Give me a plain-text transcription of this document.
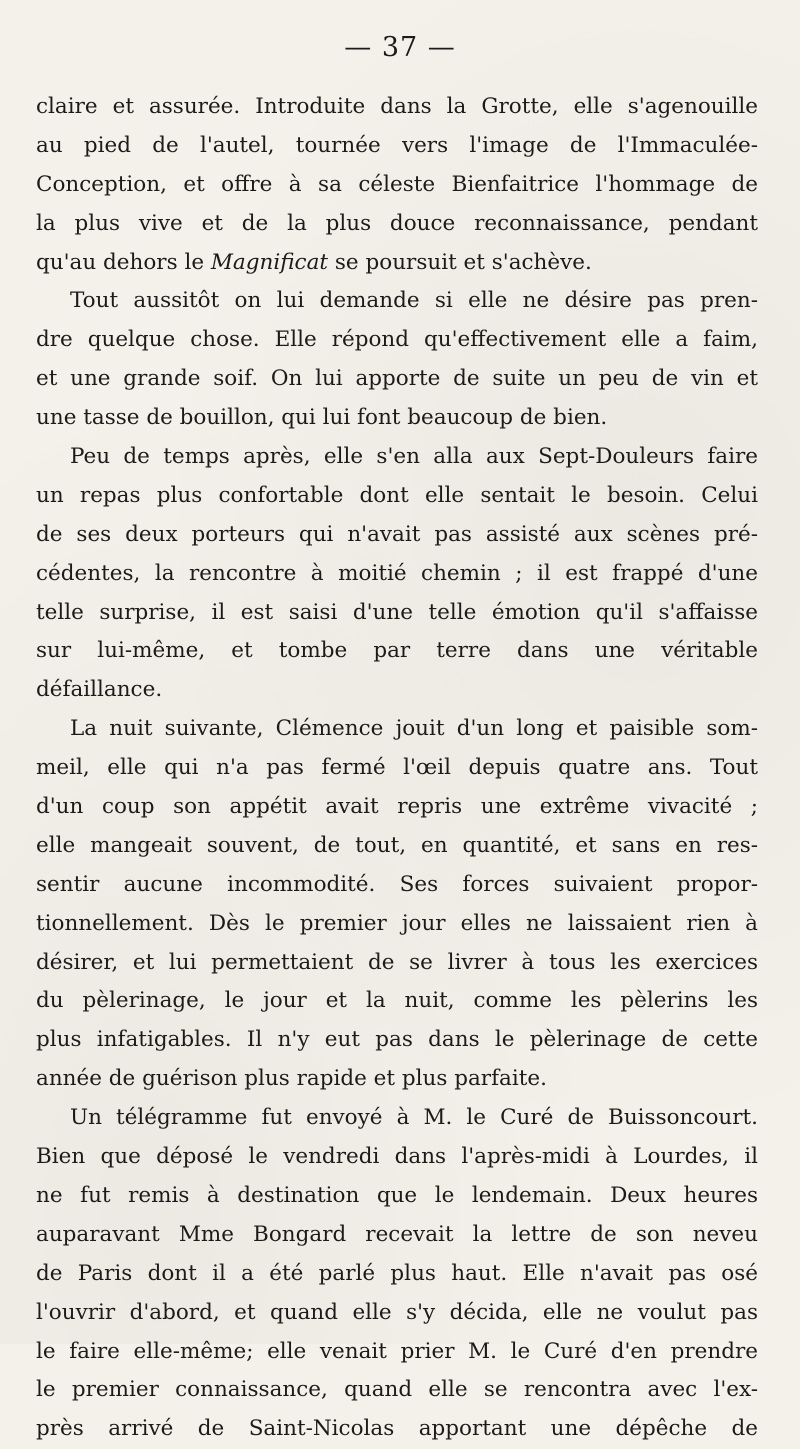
— 37 —
claire et assurée. Introduite dans la Grotte, elle s'agenouille
au pied de l'autel, tournée vers l'image de l'Immaculée-
Conception, et offre à sa céleste Bienfaitrice l'hommage de
la plus vive et de la plus douce reconnaissance, pendant
qu'au dehors le Magnificat se poursuit et s'achève.
Tout aussitôt on lui demande si elle ne désire pas pren-
dre quelque chose. Elle répond qu'effectivement elle a faim,
et une grande soif. On lui apporte de suite un peu de vin et
une tasse de bouillon, qui lui font beaucoup de bien.
Peu de temps après, elle s'en alla aux Sept-Douleurs faire
un repas plus confortable dont elle sentait le besoin. Celui
de ses deux porteurs qui n'avait pas assisté aux scènes pré-
cédentes, la rencontre à moitié chemin ; il est frappé d'une
telle surprise, il est saisi d'une telle émotion qu'il s'affaisse
sur lui-même, et tombe par terre dans une véritable
défaillance.
La nuit suivante, Clémence jouit d'un long et paisible som-
meil, elle qui n'a pas fermé l'œil depuis quatre ans. Tout
d'un coup son appétit avait repris une extrême vivacité ;
elle mangeait souvent, de tout, en quantité, et sans en res-
sentir aucune incommodité. Ses forces suivaient propor-
tionnellement. Dès le premier jour elles ne laissaient rien à
désirer, et lui permettaient de se livrer à tous les exercices
du pèlerinage, le jour et la nuit, comme les pèlerins les
plus infatigables. Il n'y eut pas dans le pèlerinage de cette
année de guérison plus rapide et plus parfaite.
Un télégramme fut envoyé à M. le Curé de Buissoncourt.
Bien que déposé le vendredi dans l'après-midi à Lourdes, il
ne fut remis à destination que le lendemain. Deux heures
auparavant Mme Bongard recevait la lettre de son neveu
de Paris dont il a été parlé plus haut. Elle n'avait pas osé
l'ouvrir d'abord, et quand elle s'y décida, elle ne voulut pas
le faire elle-même; elle venait prier M. le Curé d'en prendre
le premier connaissance, quand elle se rencontra avec l'ex-
près arrivé de Saint-Nicolas apportant une dépêche de
